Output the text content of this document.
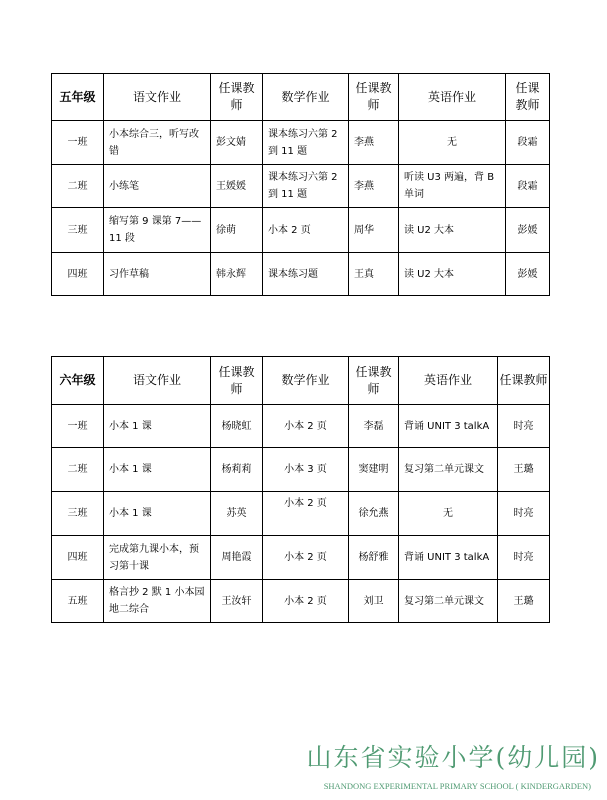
五年级	语文作业	任课教师	数学作业	任课教师	英语作业	任课教师
一班	小本综合三，听写改错	彭文婧	课本练习六第 2 到 11 题	李燕	无	段霜
二班	小练笔	王媛媛	课本练习六第 2 到 11 题	李燕	听读 U3 两遍，背 B 单词	段霜
三班	缩写第 9 课第 7——11 段	徐萌	小本 2 页	周华	读 U2 大本	彭媛
四班	习作草稿	韩永辉	课本练习题	王真	读 U2 大本	彭媛
六年级	语文作业	任课教师	数学作业	任课教师	英语作业	任课教师
一班	小本 1 课	杨晓虹	小本 2 页	李磊	背诵 UNIT 3 talkA	时亮
二班	小本 1 课	杨莉莉	小本 3 页	窦建明	复习第二单元课文	王璐
三班	小本 1 课	苏英	小本 2 页	徐允燕	无	时亮
四班	完成第九课小本，预习第十课	周艳霞	小本 2 页	杨舒雅	背诵 UNIT 3 talkA	时亮
五班	格言抄 2 默 1 小本园地二综合	王汝轩	小本 2 页	刘卫	复习第二单元课文	王璐
山东省实验小学(幼儿园)
SHANDONG EXPERIMENTAL PRIMARY SCHOOL ( KINDERGARDEN)
